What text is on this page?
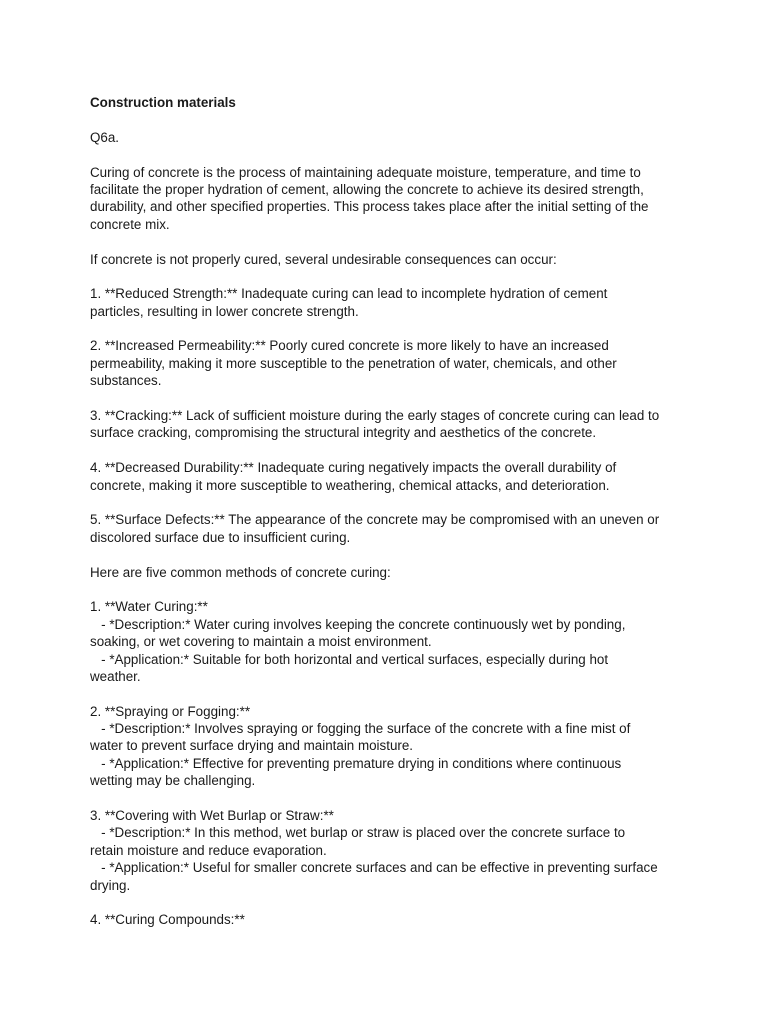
Construction materials
Q6a.
Curing of concrete is the process of maintaining adequate moisture, temperature, and time to
facilitate the proper hydration of cement, allowing the concrete to achieve its desired strength,
durability, and other specified properties. This process takes place after the initial setting of the
concrete mix.
If concrete is not properly cured, several undesirable consequences can occur:
1. **Reduced Strength:** Inadequate curing can lead to incomplete hydration of cement
particles, resulting in lower concrete strength.
2. **Increased Permeability:** Poorly cured concrete is more likely to have an increased
permeability, making it more susceptible to the penetration of water, chemicals, and other
substances.
3. **Cracking:** Lack of sufficient moisture during the early stages of concrete curing can lead to
surface cracking, compromising the structural integrity and aesthetics of the concrete.
4. **Decreased Durability:** Inadequate curing negatively impacts the overall durability of
concrete, making it more susceptible to weathering, chemical attacks, and deterioration.
5. **Surface Defects:** The appearance of the concrete may be compromised with an uneven or
discolored surface due to insufficient curing.
Here are five common methods of concrete curing:
1. **Water Curing:**
- *Description:* Water curing involves keeping the concrete continuously wet by ponding,
soaking, or wet covering to maintain a moist environment.
- *Application:* Suitable for both horizontal and vertical surfaces, especially during hot
weather.
2. **Spraying or Fogging:**
- *Description:* Involves spraying or fogging the surface of the concrete with a fine mist of
water to prevent surface drying and maintain moisture.
- *Application:* Effective for preventing premature drying in conditions where continuous
wetting may be challenging.
3. **Covering with Wet Burlap or Straw:**
- *Description:* In this method, wet burlap or straw is placed over the concrete surface to
retain moisture and reduce evaporation.
- *Application:* Useful for smaller concrete surfaces and can be effective in preventing surface
drying.
4. **Curing Compounds:**
